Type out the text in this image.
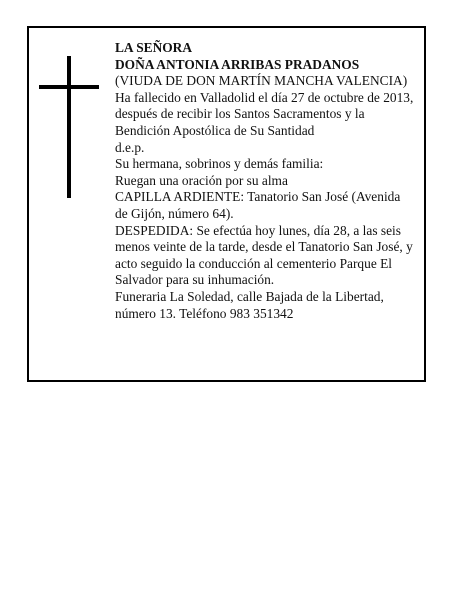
LA SEÑORA
DOÑA ANTONIA ARRIBAS PRADANOS
(VIUDA DE DON MARTÍN MANCHA VALENCIA)
Ha fallecido en Valladolid el día 27 de octubre de 2013,
después de recibir los Santos Sacramentos y la
Bendición Apostólica de Su Santidad
d.e.p.
Su hermana, sobrinos y demás familia:
Ruegan una oración por su alma
CAPILLA ARDIENTE: Tanatorio San José (Avenida
de Gijón, número 64).
DESPEDIDA: Se efectúa hoy lunes, día 28, a las seis
menos veinte de la tarde, desde el Tanatorio San José, y
acto seguido la conducción al cementerio Parque El
Salvador para su inhumación.
Funeraria La Soledad, calle Bajada de la Libertad,
número 13. Teléfono 983 351342
